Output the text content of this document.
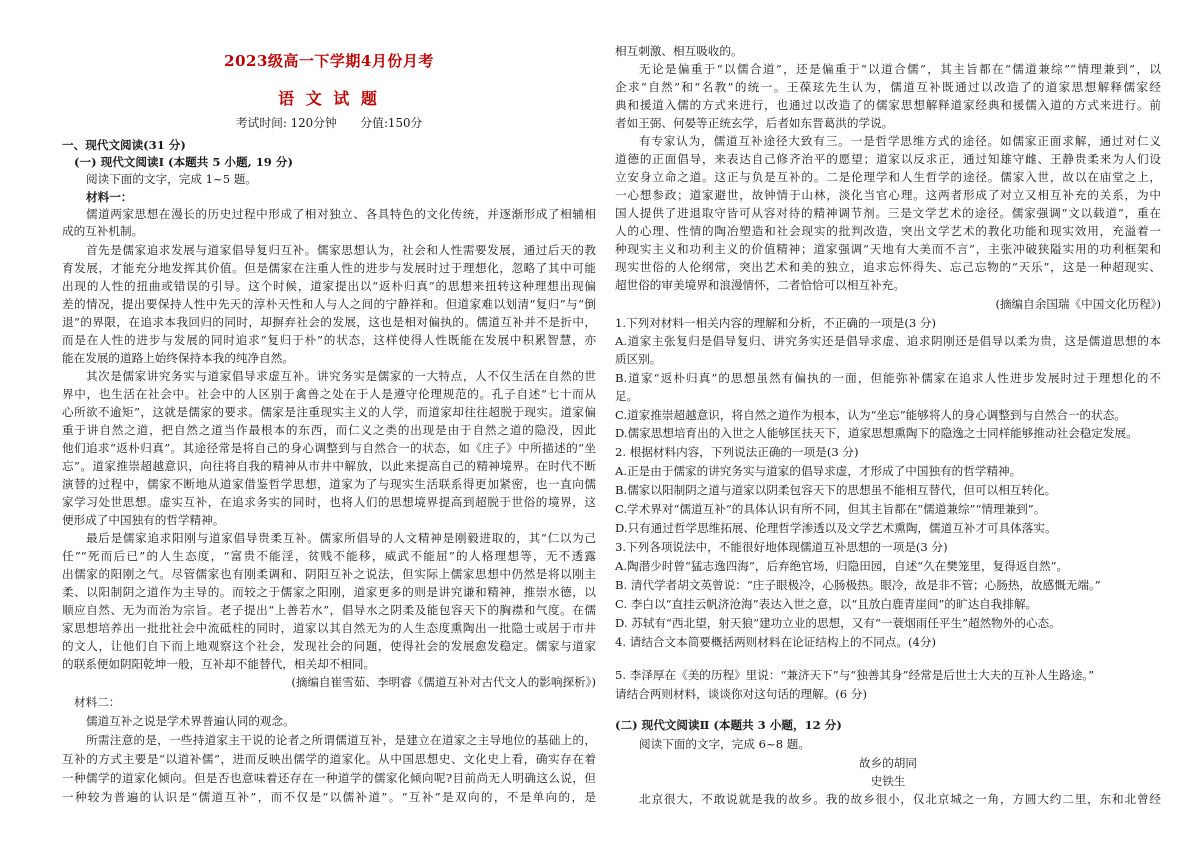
2023级高一下学期4月份月考
语 文 试 题
考试时间: 120分钟　　分值:150分
一、现代文阅读(31 分)
(一) 现代文阅读Ⅰ (本题共 5 小题, 19 分)
阅读下面的文字，完成 1~5 题。
材料一：
儒道两家思想在漫长的历史过程中形成了相对独立、各具特色的文化传统，并逐渐形成了相辅相
成的互补机制。
首先是儒家追求发展与道家倡导复归互补。儒家思想认为，社会和人性需要发展，通过后天的教
育发展，才能充分地发挥其价值。但是儒家在注重人性的进步与发展时过于理想化，忽略了其中可能
出现的人性的扭曲或错误的引导。这个时候，道家提出以“返朴归真”的思想来扭转这种理想出现偏
差的情况，提出要保持人性中先天的淳朴天性和人与人之间的宁静祥和。但道家难以划清“复归”与“倒
退”的界限，在追求本我回归的同时，却摒弃社会的发展，这也是相对偏执的。儒道互补并不是折中，
而是在人性的进步与发展的同时追求“复归于朴”的状态，这样使得人性既能在发展中积累智慧，亦
能在发展的道路上始终保持本我的纯净自然。
其次是儒家讲究务实与道家倡导求虚互补。讲究务实是儒家的一大特点，人不仅生活在自然的世
界中，也生活在社会中。社会中的人区别于禽兽之处在于人是遵守伦理规范的。孔子自述“七十而从
心所欲不逾矩”，这就是儒家的要求。儒家是注重现实主义的人学，而道家却往往超脱于现实。道家偏
重于讲自然之道，把自然之道当作最根本的东西，而仁义之类的出现是由于自然之道的隐没，因此
他们追求“返朴归真”。其途径常是将自己的身心调整到与自然合一的状态，如《庄子》中所描述的“坐
忘”。道家推崇超越意识，向往将自我的精神从市井中解放，以此来提高自己的精神境界。在时代不断
演替的过程中，儒家不断地从道家借鉴哲学思想，道家为了与现实生活联系得更加紧密，也一直向儒
家学习处世思想。虚实互补，在追求务实的同时，也将人们的思想境界提高到超脱于世俗的境界，这
便形成了中国独有的哲学精神。
最后是儒家追求阳刚与道家倡导贵柔互补。儒家所倡导的人文精神是刚毅进取的，其“仁以为己
任”“死而后已”的人生态度，“富贵不能淫，贫贱不能移，威武不能屈”的人格理想等，无不透露
出儒家的阳刚之气。尽管儒家也有刚柔调和、阴阳互补之说法，但实际上儒家思想中仍然是将以刚主
柔、以阳制阴之道作为主导的。而较之于儒家之阳刚，道家更多的则是讲究谦和精神，推崇水德，以
顺应自然、无为而治为宗旨。老子提出“上善若水”，倡导水之阴柔及能包容天下的胸襟和气度。在儒
家思想培养出一批批社会中流砥柱的同时，道家以其自然无为的人生态度熏陶出一批隐士或居于市井
的文人，让他们自下而上地观察这个社会，发现社会的问题，使得社会的发展愈发稳定。儒家与道家
的联系便如阴阳乾坤一般，互补却不能替代，相关却不相同。
(摘编自崔雪茹、李明睿《儒道互补对古代文人的影响探析》)
材料二：
儒道互补之说是学术界普遍认同的观念。
所需注意的是，一些持道家主干说的论者之所谓儒道互补，是建立在道家之主导地位的基础上的，
互补的方式主要是“以道补儒”，进而反映出儒学的道家化。从中国思想史、文化史上看，确实存在着
一种儒学的道家化倾向。但是否也意味着还存在一种道学的儒家化倾向呢?目前尚无人明确这么说，但
一种较为普遍的认识是“儒道互补”，而不仅是“以儒补道”。“互补”是双向的，不是单向的，是
相互刺激、相互吸收的。
无论是偏重于“以儒合道”，还是偏重于“以道合儒”，其主旨都在“儒道兼综”“情理兼到”，以
企求“自然”和“名教”的统一。王葆玹先生认为，儒道互补既通过以改造了的道家思想解释儒家经
典和援道入儒的方式来进行，也通过以改造了的儒家思想解释道家经典和援儒入道的方式来进行。前
者如王弼、何晏等正统玄学，后者如东晋葛洪的学说。
有专家认为，儒道互补途径大致有三。一是哲学思维方式的途径。如儒家正面求解，通过对仁义
道德的正面倡导，来表达自己修齐治平的愿望；道家以反求正，通过知雄守雌、王静贵柔来为人们设
立安身立命之道。这正与负是互补的。二是伦理学和人生哲学的途径。儒家入世，故以在庙堂之上，
一心想参政；道家避世，故钟情于山林，淡化当官心理。这两者形成了对立又相互补充的关系，为中
国人提供了进退取守皆可从容对待的精神调节剂。三是文学艺术的途径。儒家强调“文以载道”，重在
人的心理、性情的陶冶塑造和社会现实的批判改造，突出文学艺术的教化功能和现实效用，充溢着一
种现实主义和功利主义的价值精神；道家强调“天地有大美而不言”，主张冲破狭隘实用的功利框架和
现实世俗的人伦纲常，突出艺术和美的独立，追求忘怀得失、忘己忘物的“天乐”，这是一种超现实、
超世俗的审美境界和浪漫情怀，二者恰恰可以相互补充。
(摘编自余国瑞《中国文化历程》)
1.下列对材料一相关内容的理解和分析，不正确的一项是(3 分)
A.道家主张复归是倡导复归、讲究务实还是倡导求虚、追求阴刚还是倡导以柔为贵，这是儒道思想的本
质区别。
B.道家“返朴归真”的思想虽然有偏执的一面，但能弥补儒家在追求人性进步发展时过于理想化的不
足。
C.道家推崇超越意识，将自然之道作为根本，认为“坐忘”能够将人的身心调整到与自然合一的状态。
D.儒家思想培育出的入世之人能够匡扶天下，道家思想熏陶下的隐逸之士同样能够推动社会稳定发展。
2. 根据材料内容，下列说法正确的一项是(3 分)
A.正是由于儒家的讲究务实与道家的倡导求虚，才形成了中国独有的哲学精神。
B.儒家以阳制阴之道与道家以阴柔包容天下的思想虽不能相互替代，但可以相互转化。
C.学术界对“儒道互补”的具体认识有所不同，但其主旨都在“儒道兼综”“情理兼到”。
D.只有通过哲学思维拓展、伦理哲学渗透以及文学艺术熏陶，儒道互补才可具体落实。
3.下列各项说法中，不能很好地体现儒道互补思想的一项是(3 分)
A.陶潜少时曾“猛志逸四海”，后弃绝官场，归隐田园，自述“久在樊笼里，复得返自然”。
B. 清代学者胡文英曾说：“庄子眼极冷，心肠极热。眼冷，故是非不管；心肠热，故感慨无端。”
C. 李白以“直挂云帆济沧海”表达入世之意，以“且放白鹿青崖间”的旷达自我排解。
D. 苏轼有“西北望，射天狼”建功立业的思想，又有“一蓑烟雨任平生”超然物外的心态。
4. 请结合文本简要概括两则材料在论证结构上的不同点。(4分)
5. 李泽厚在《美的历程》里说：“兼济天下”与“独善其身”经常是后世士大夫的互补人生路途。”
请结合两则材料，谈谈你对这句话的理解。(6 分)
(二) 现代文阅读Ⅱ (本题共 3 小题，12 分)
阅读下面的文字，完成 6~8 题。
故乡的胡同
史铁生
北京很大，不敢说就是我的故乡。我的故乡很小，仅北京城之一角，方圆大约二里，东和北曾经
